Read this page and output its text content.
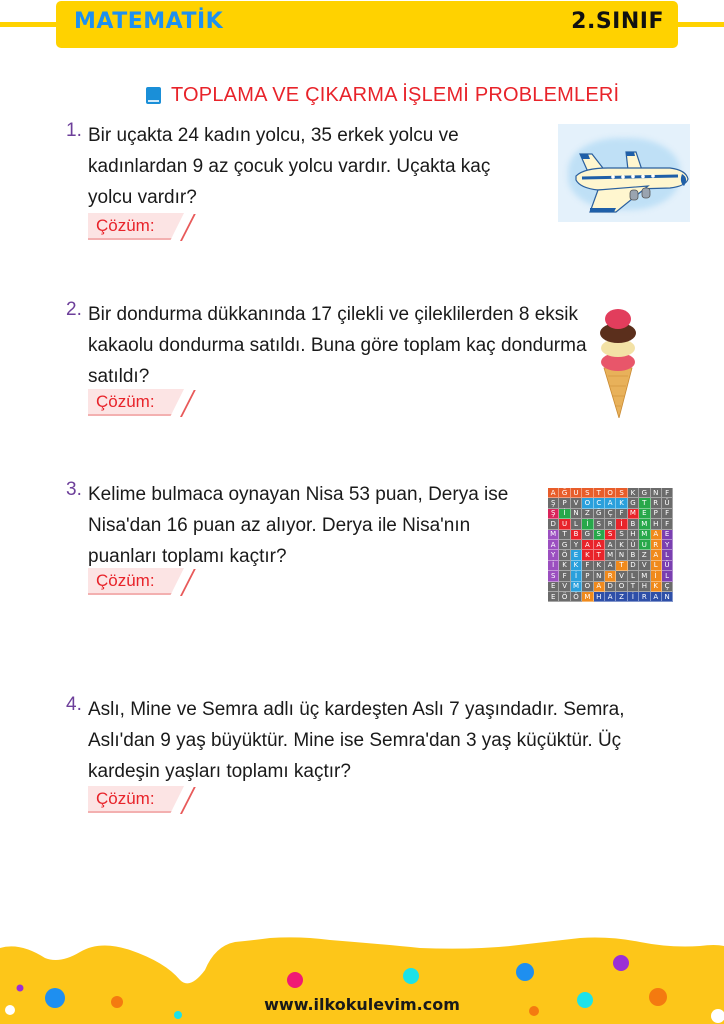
MATEMATİK	2.SINIF
TOPLAMA VE ÇIKARMA İŞLEMİ PROBLEMLERİ
1. Bir uçakta 24 kadın yolcu, 35 erkek yolcu ve
kadınlardan 9 az çocuk yolcu vardır. Uçakta kaç
yolcu vardır?
Çözüm:
2. Bir dondurma dükkanında 17 çilekli ve çileklilerden 8 eksik
kakaolu dondurma satıldı. Buna göre toplam kaç dondurma
satıldı?
Çözüm:
3. Kelime bulmaca oynayan Nisa 53 puan, Derya ise
Nisa'dan 16 puan az alıyor. Derya ile Nisa'nın
puanları toplamı kaçtır?
Çözüm:
A Ğ U S	T O S K G N F
Ş	P V O C A K G T R Ü
Ş	İ	N Z Ğ Ç F M E	P	F
D U L	İ	S R	İ	B M H F
M T B G S S S H M A E
A G Y A A A K Ü U R Y
Y Ö E K T M N B Z A	L
İ	K K	F	K A T D V	L Ü
S	F	İ	P N R V	L M	İ	L
E V M O A D O T H K Ç
E Ö Ö M H A Z	İ	R A N
4. Aslı, Mine ve Semra adlı üç kardeşten Aslı 7 yaşındadır. Semra,
Aslı'dan 9 yaş büyüktür. Mine ise Semra'dan 3 yaş küçüktür. Üç
kardeşin yaşları toplamı kaçtır?
Çözüm:
www.ilkokulevim.com
